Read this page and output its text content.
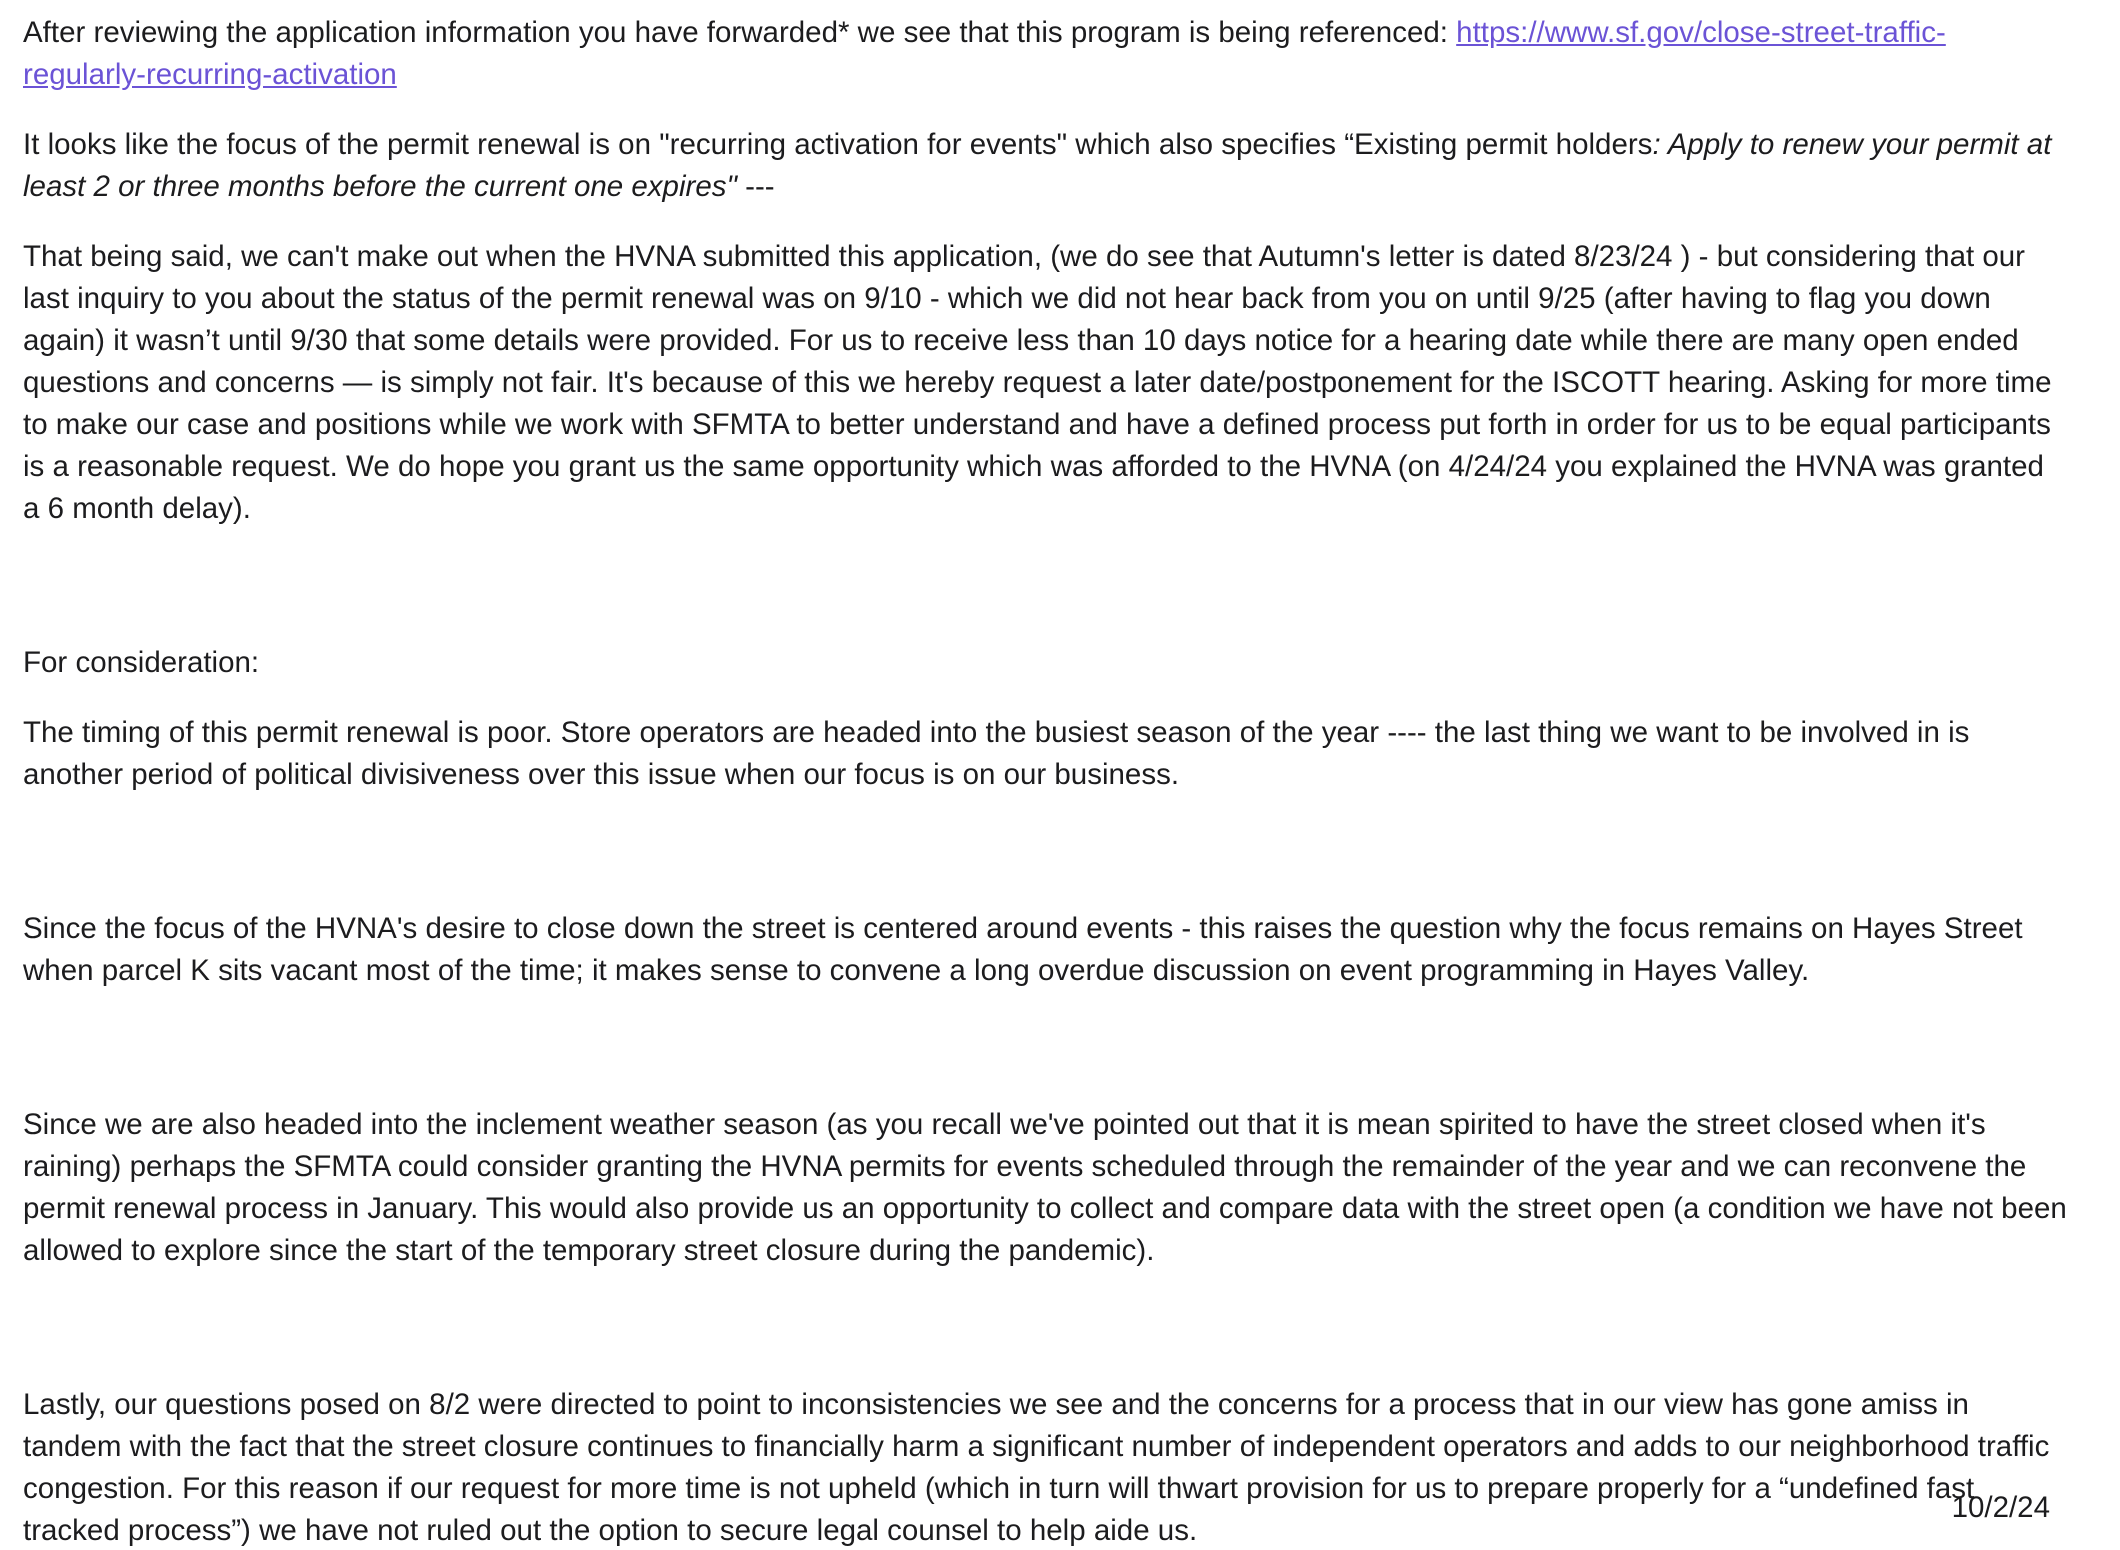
After reviewing the application information you have forwarded* we see that this program is being referenced: https://www.sf.gov/close-street-traffic-regularly-recurring-activation

It looks like the focus of the permit renewal is on "recurring activation for events" which also specifies “Existing permit holders: Apply to renew your permit at least 2 or three months before the current one expires" ---

That being said, we can't make out when the HVNA submitted this application, (we do see that Autumn's letter is dated 8/23/24 ) - but considering that our last inquiry to you about the status of the permit renewal was on 9/10 - which we did not hear back from you on until 9/25 (after having to flag you down again) it wasn’t until 9/30 that some details were provided. For us to receive less than 10 days notice for a hearing date while there are many open ended questions and concerns — is simply not fair. It's because of this we hereby request a later date/postponement for the ISCOTT hearing. Asking for more time to make our case and positions while we work with SFMTA to better understand and have a defined process put forth in order for us to be equal participants is a reasonable request. We do hope you grant us the same opportunity which was afforded to the HVNA (on 4/24/24 you explained the HVNA was granted a 6 month delay).

For consideration:

The timing of this permit renewal is poor. Store operators are headed into the busiest season of the year ---- the last thing we want to be involved in is another period of political divisiveness over this issue when our focus is on our business.

Since the focus of the HVNA's desire to close down the street is centered around events - this raises the question why the focus remains on Hayes Street when parcel K sits vacant most of the time; it makes sense to convene a long overdue discussion on event programming in Hayes Valley.

Since we are also headed into the inclement weather season (as you recall we've pointed out that it is mean spirited to have the street closed when it's raining) perhaps the SFMTA could consider granting the HVNA permits for events scheduled through the remainder of the year and we can reconvene the permit renewal process in January. This would also provide us an opportunity to collect and compare data with the street open (a condition we have not been allowed to explore since the start of the temporary street closure during the pandemic).

Lastly, our questions posed on 8/2 were directed to point to inconsistencies we see and the concerns for a process that in our view has gone amiss in tandem with the fact that the street closure continues to financially harm a significant number of independent operators and adds to our neighborhood traffic congestion. For this reason if our request for more time is not upheld (which in turn will thwart provision for us to prepare properly for a “undefined fast tracked process”) we have not ruled out the option to secure legal counsel to help aide us.

10/2/24
